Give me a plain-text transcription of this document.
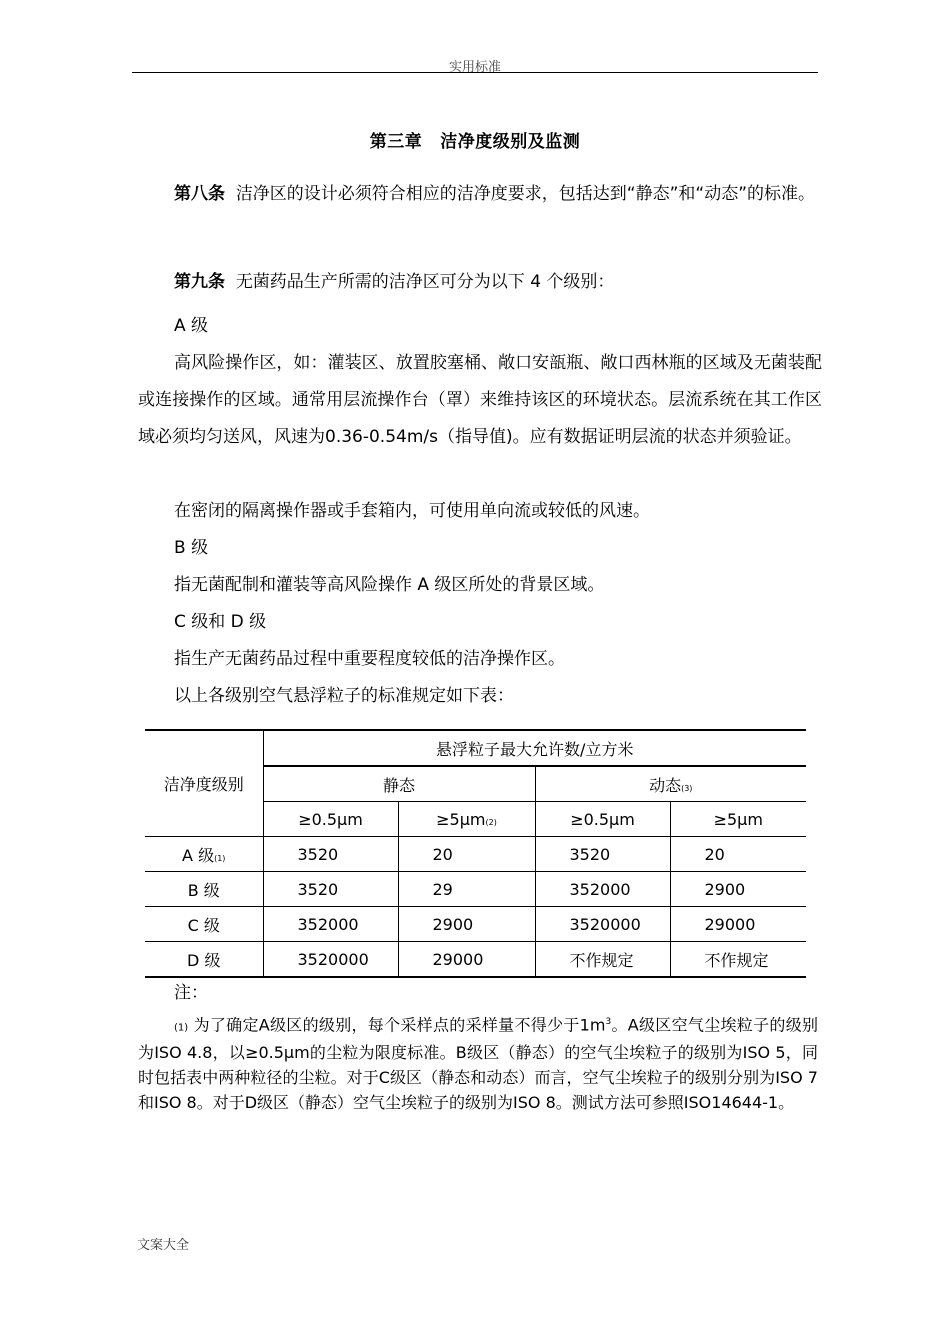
实用标准
第三章 洁净度级别及监测
第八条 洁净区的设计必须符合相应的洁净度要求，包括达到“静态”和“动态”的标准。
第九条 无菌药品生产所需的洁净区可分为以下 4 个级别：
A 级
高风险操作区，如：灌装区、放置胶塞桶、敞口安瓿瓶、敞口西林瓶的区域及无菌装配或连接操作的区域。通常用层流操作台（罩）来维持该区的环境状态。层流系统在其工作区域必须均匀送风，风速为0.36-0.54m/s（指导值)。应有数据证明层流的状态并须验证。
在密闭的隔离操作器或手套箱内，可使用单向流或较低的风速。
B 级
指无菌配制和灌装等高风险操作 A 级区所处的背景区域。
C 级和 D 级
指生产无菌药品过程中重要程度较低的洁净操作区。
以上各级别空气悬浮粒子的标准规定如下表：
洁净度级别	悬浮粒子最大允许数/立方米			
	静态		动态(3)	
	≥0.5μm	≥5μm(2)	≥0.5μm	≥5μm
A 级(1)	3520	20	3520	20
B 级	3520	29	352000	2900
C 级	352000	2900	3520000	29000
D 级	3520000	29000	不作规定	不作规定
注：
(1) 为了确定A级区的级别，每个采样点的采样量不得少于$1m^3$。A级区空气尘埃粒子的级别为ISO 4.8，以≥0.5μm的尘粒为限度标准。B级区（静态）的空气尘埃粒子的级别为ISO 5，同时包括表中两种粒径的尘粒。对于C级区（静态和动态）而言，空气尘埃粒子的级别分别为ISO 7和ISO 8。对于D级区（静态）空气尘埃粒子的级别为ISO 8。测试方法可参照ISO14644-1。
文案大全
